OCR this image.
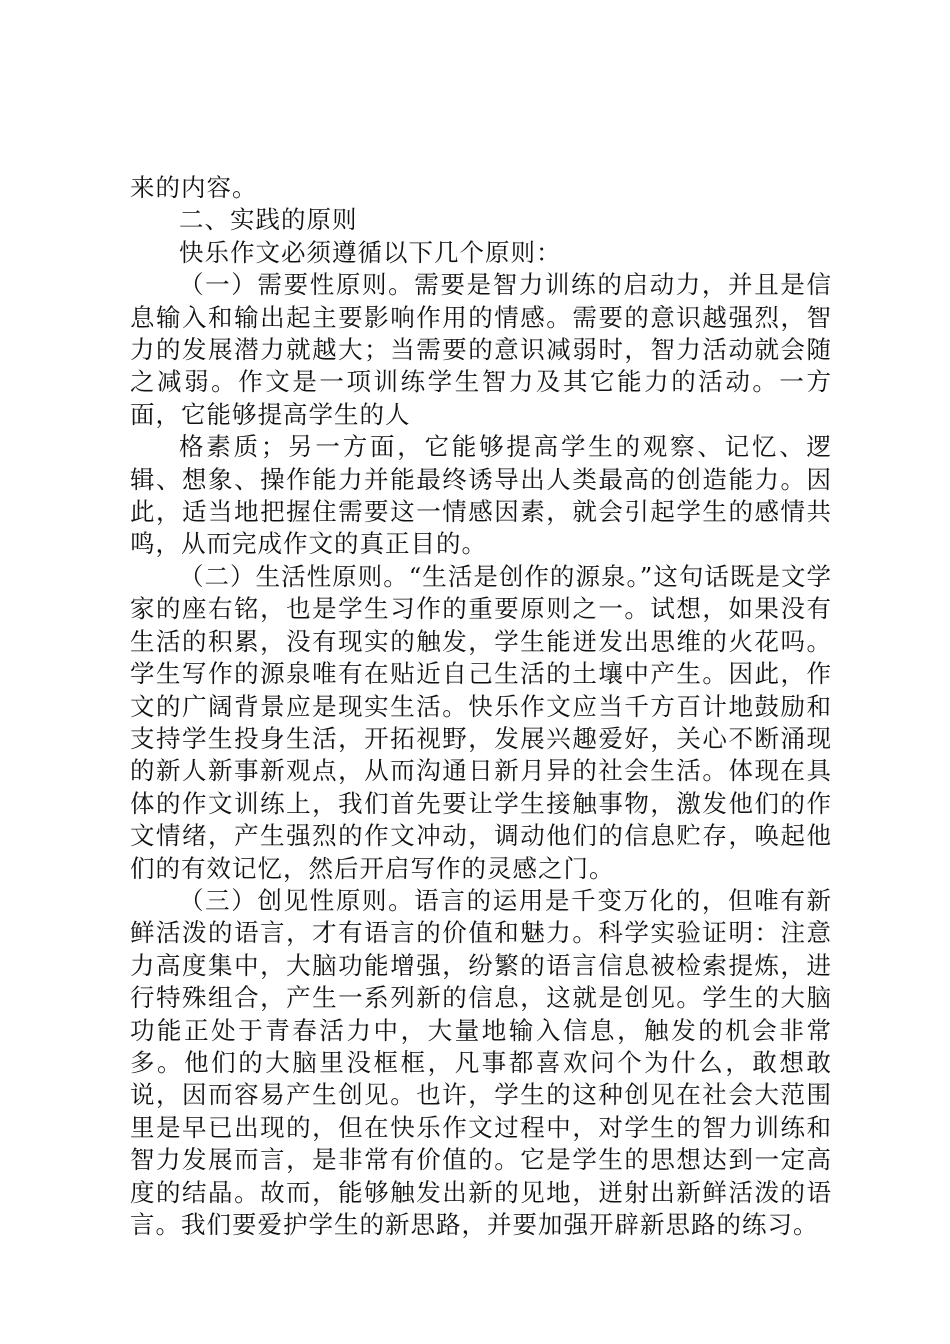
来的内容。

二、实践的原则

快乐作文必须遵循以下几个原则：

（一）需要性原则。需要是智力训练的启动力，并且是信息输入和输出起主要影响作用的情感。需要的意识越强烈，智力的发展潜力就越大；当需要的意识减弱时，智力活动就会随之减弱。作文是一项训练学生智力及其它能力的活动。一方面，它能够提高学生的人

格素质；另一方面，它能够提高学生的观察、记忆、逻辑、想象、操作能力并能最终诱导出人类最高的创造能力。因此，适当地把握住需要这一情感因素，就会引起学生的感情共鸣，从而完成作文的真正目的。

（二）生活性原则。“生活是创作的源泉。”这句话既是文学家的座右铭，也是学生习作的重要原则之一。试想，如果没有生活的积累，没有现实的触发，学生能迸发出思维的火花吗。学生写作的源泉唯有在贴近自己生活的土壤中产生。因此，作文的广阔背景应是现实生活。快乐作文应当千方百计地鼓励和支持学生投身生活，开拓视野，发展兴趣爱好，关心不断涌现的新人新事新观点，从而沟通日新月异的社会生活。体现在具体的作文训练上，我们首先要让学生接触事物，激发他们的作文情绪，产生强烈的作文冲动，调动他们的信息贮存，唤起他们的有效记忆，然后开启写作的灵感之门。

（三）创见性原则。语言的运用是千变万化的，但唯有新鲜活泼的语言，才有语言的价值和魅力。科学实验证明：注意力高度集中，大脑功能增强，纷繁的语言信息被检索提炼，进行特殊组合，产生一系列新的信息，这就是创见。学生的大脑功能正处于青春活力中，大量地输入信息，触发的机会非常多。他们的大脑里没框框，凡事都喜欢问个为什么，敢想敢说，因而容易产生创见。也许，学生的这种创见在社会大范围里是早已出现的，但在快乐作文过程中，对学生的智力训练和智力发展而言，是非常有价值的。它是学生的思想达到一定高度的结晶。故而，能够触发出新的见地，迸射出新鲜活泼的语言。我们要爱护学生的新思路，并要加强开辟新思路的练习。
